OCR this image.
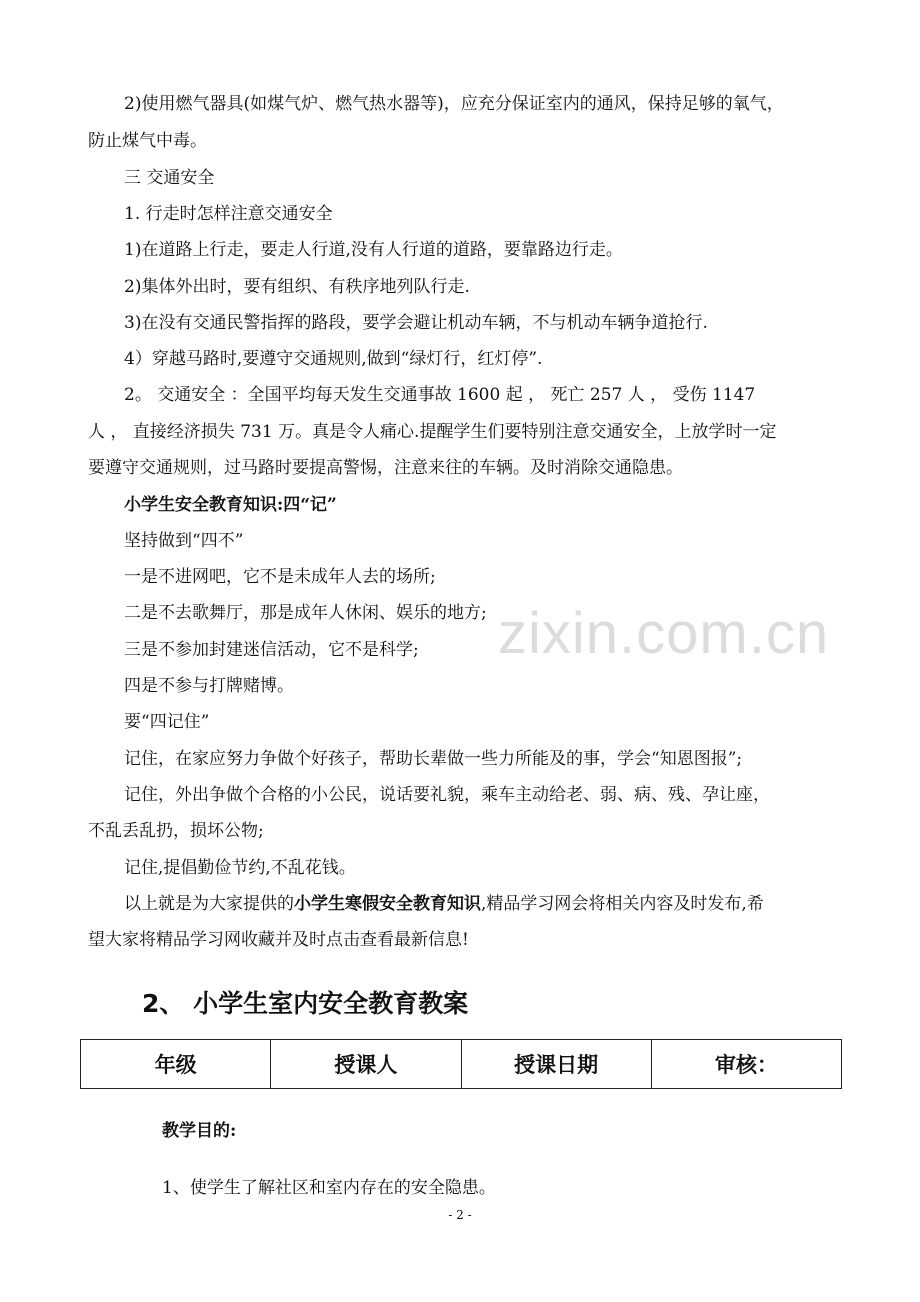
zixin.com.cn
2)使用燃气器具(如煤气炉、燃气热水器等)，应充分保证室内的通风，保持足够的氧气，
防止煤气中毒。
三 交通安全
1. 行走时怎样注意交通安全
1)在道路上行走，要走人行道,没有人行道的道路，要靠路边行走。
2)集体外出时，要有组织、有秩序地列队行走.
3)在没有交通民警指挥的路段，要学会避让机动车辆，不与机动车辆争道抢行.
4）穿越马路时,要遵守交通规则,做到“绿灯行，红灯停”.
2。 交通安全 ：全国平均每天发生交通事故 1600 起 ， 死亡 257 人 ， 受伤 1147
人 ， 直接经济损失 731 万。真是令人痛心.提醒学生们要特别注意交通安全，上放学时一定
要遵守交通规则，过马路时要提高警惕，注意来往的车辆。及时消除交通隐患。
小学生安全教育知识:四“记”
坚持做到“四不”
一是不进网吧，它不是未成年人去的场所;
二是不去歌舞厅，那是成年人休闲、娱乐的地方;
三是不参加封建迷信活动，它不是科学;
四是不参与打牌赌博。
要“四记住”
记住，在家应努力争做个好孩子，帮助长辈做一些力所能及的事，学会“知恩图报”;
记住，外出争做个合格的小公民，说话要礼貌，乘车主动给老、弱、病、残、孕让座，
不乱丢乱扔，损坏公物;
记住,提倡勤俭节约,不乱花钱。
以上就是为大家提供的小学生寒假安全教育知识,精品学习网会将相关内容及时发布,希
望大家将精品学习网收藏并及时点击查看最新信息!
2、 小学生室内安全教育教案
年级	授课人	授课日期	审核：
教学目的:
1、使学生了解社区和室内存在的安全隐患。
- 2 -
